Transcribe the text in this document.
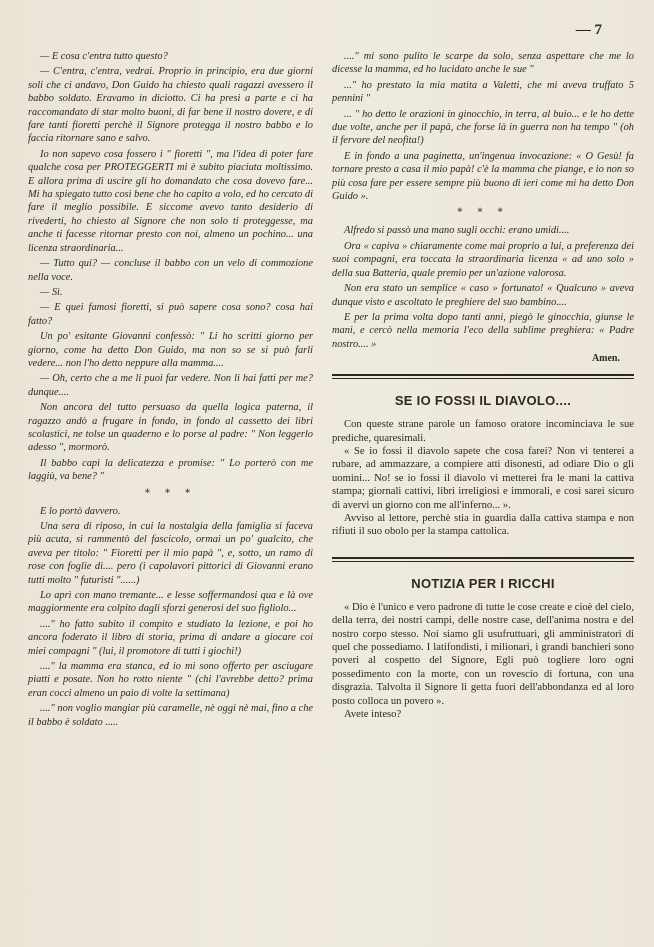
— 7

— E cosa c'entra tutto questo?

— C'entra, c'entra, vedrai. Proprio in principio, era due giorni soli che ci andavo, Don Guido ha chiesto quali ragazzi avessero il babbo soldato. Eravamo in diciotto. Ci ha presi a parte e ci ha raccomandato di star molto buoni, di far bene il nostro dovere, e di fare tanti fioretti perchè il Signore protegga il nostro babbo e lo faccia ritornare sano e salvo.

Io non sapevo cosa fossero i " fioretti ", ma l'idea di poter fare qualche cosa per PROTEGGERTI mi è subito piaciuta moltissimo. E allora prima di uscire gli ho domandato che cosa dovevo fare... Mi ha spiegato tutto così bene che ho capito a volo, ed ho cercato di fare il meglio possibile. E siccome avevo tanto desiderio di rivederti, ho chiesto al Signore che non solo ti proteggesse, ma anche ti facesse ritornar presto con noi, almeno un pochino... una licenza straordinaria...

— Tutto qui? — concluse il babbo con un velo di commozione nella voce.

— Sì.

— E quei famosi fioretti, si può sapere cosa sono? cosa hai fatto?

Un po' esitante Giovanni confessò: " Li ho scritti giorno per giorno, come ha detto Don Guido, ma non so se si può farli vedere... non l'ho detto neppure alla mamma....

— Oh, certo che a me li puoi far vedere. Non li hai fatti per me? dunque....

Non ancora del tutto persuaso da quella logica paterna, il ragazzo andò a frugare in fondo, in fondo al cassetto dei libri scolastici, ne tolse un quaderno e lo porse al padre: " Non leggerlo adesso ", mormorò.

Il babbo capì la delicatezza e promise: " Lo porterò con me laggiù, va bene? "

* * *

E lo portò davvero.

Una sera di riposo, in cui la nostalgia della famiglia si faceva più acuta, si rammentò del fascicolo, ormai un po' gualcito, che aveva per titolo: " Fioretti per il mio papà ", e, sotto, un ramo di rose con foglie di.... pero (i capolavori pittorici di Giovanni erano tutti molto " futuristi "......)

Lo aprì con mano tremante... e lesse soffermandosi qua e là ove maggiormente era colpito dagli sforzi generosi del suo figliolo...

...." ho fatto subito il compito e studiato la lezione, e poi ho ancora foderato il libro di storia, prima di andare a giocare coi miei compagni " (lui, il promotore di tutti i giochi!)

...." la mamma era stanca, ed io mi sono offerto per asciugare piatti e posate. Non ho rotto niente " (chi l'avrebbe detto? prima eran cocci almeno un paio di volte la settimana)

...." non voglio mangiar più caramelle, nè oggi nè mai, fino a che il babbo è soldato .....

...." mi sono pulito le scarpe da solo, senza aspettare che me lo dicesse la mamma, ed ho lucidato anche le sue "

..." ho prestato la mia matita a Valetti, che mi aveva truffato 5 pennini "

... " ho detto le orazioni in ginocchio, in terra, al buio... e le ho dette due volte, anche per il papà, che forse là in guerra non ha tempo " (oh il fervore del neofita!)

E in fondo a una paginetta, un'ingenua invocazione: « O Gesù! fa tornare presto a casa il mio papà! c'è la mamma che piange, e io non so più cosa fare per essere sempre più buono di ieri come mi ha detto Don Guido ».

* * *

Alfredo si passò una mano sugli occhi: erano umidi....

Ora « capiva » chiaramente come mai proprio a lui, a preferenza dei suoi compagni, era toccata la straordinaria licenza « ad uno solo » della sua Batteria, quale premio per un'azione valorosa.

Non era stato un semplice « caso » fortunato! « Qualcuno » aveva dunque visto e ascoltato le preghiere del suo bambino....

E per la prima volta dopo tanti anni, piegò le ginocchia, giunse le mani, e cercò nella memoria l'eco della sublime preghiera: « Padre nostro.... »

Amen.
SE IO FOSSI IL DIAVOLO....

Con queste strane parole un famoso oratore incominciava le sue prediche, quaresimali.

« Se io fossi il diavolo sapete che cosa farei? Non vi tenterei a rubare, ad ammazzare, a compiere atti disonesti, ad odiare Dio o gli uomini... No! se io fossi il diavolo vi metterei fra le mani la cattiva stampa; giornali cattivi, libri irreligiosi e immorali, e così sarei sicuro di avervi un giorno con me all'inferno... ».

Avviso al lettore, perchè stia in guardia dalla cattiva stampa e non rifiuti il suo obolo per la stampa cattolica.

NOTIZIA PER I RICCHI

« Dio è l'unico e vero padrone di tutte le cose create e cioè del cielo, della terra, dei nostri campi, delle nostre case, dell'anima nostra e del nostro corpo stesso. Noi siamo gli usufruttuari, gli amministratori di quel che possediamo. I latifondisti, i milionari, i grandi banchieri sono poveri al cospetto del Signore, Egli può togliere loro ogni possedimento con la morte, con un rovescio di fortuna, con una disgrazia. Talvolta il Signore li getta fuori dell'abbondanza ed al loro posto colloca un povero ».

Avete inteso?
